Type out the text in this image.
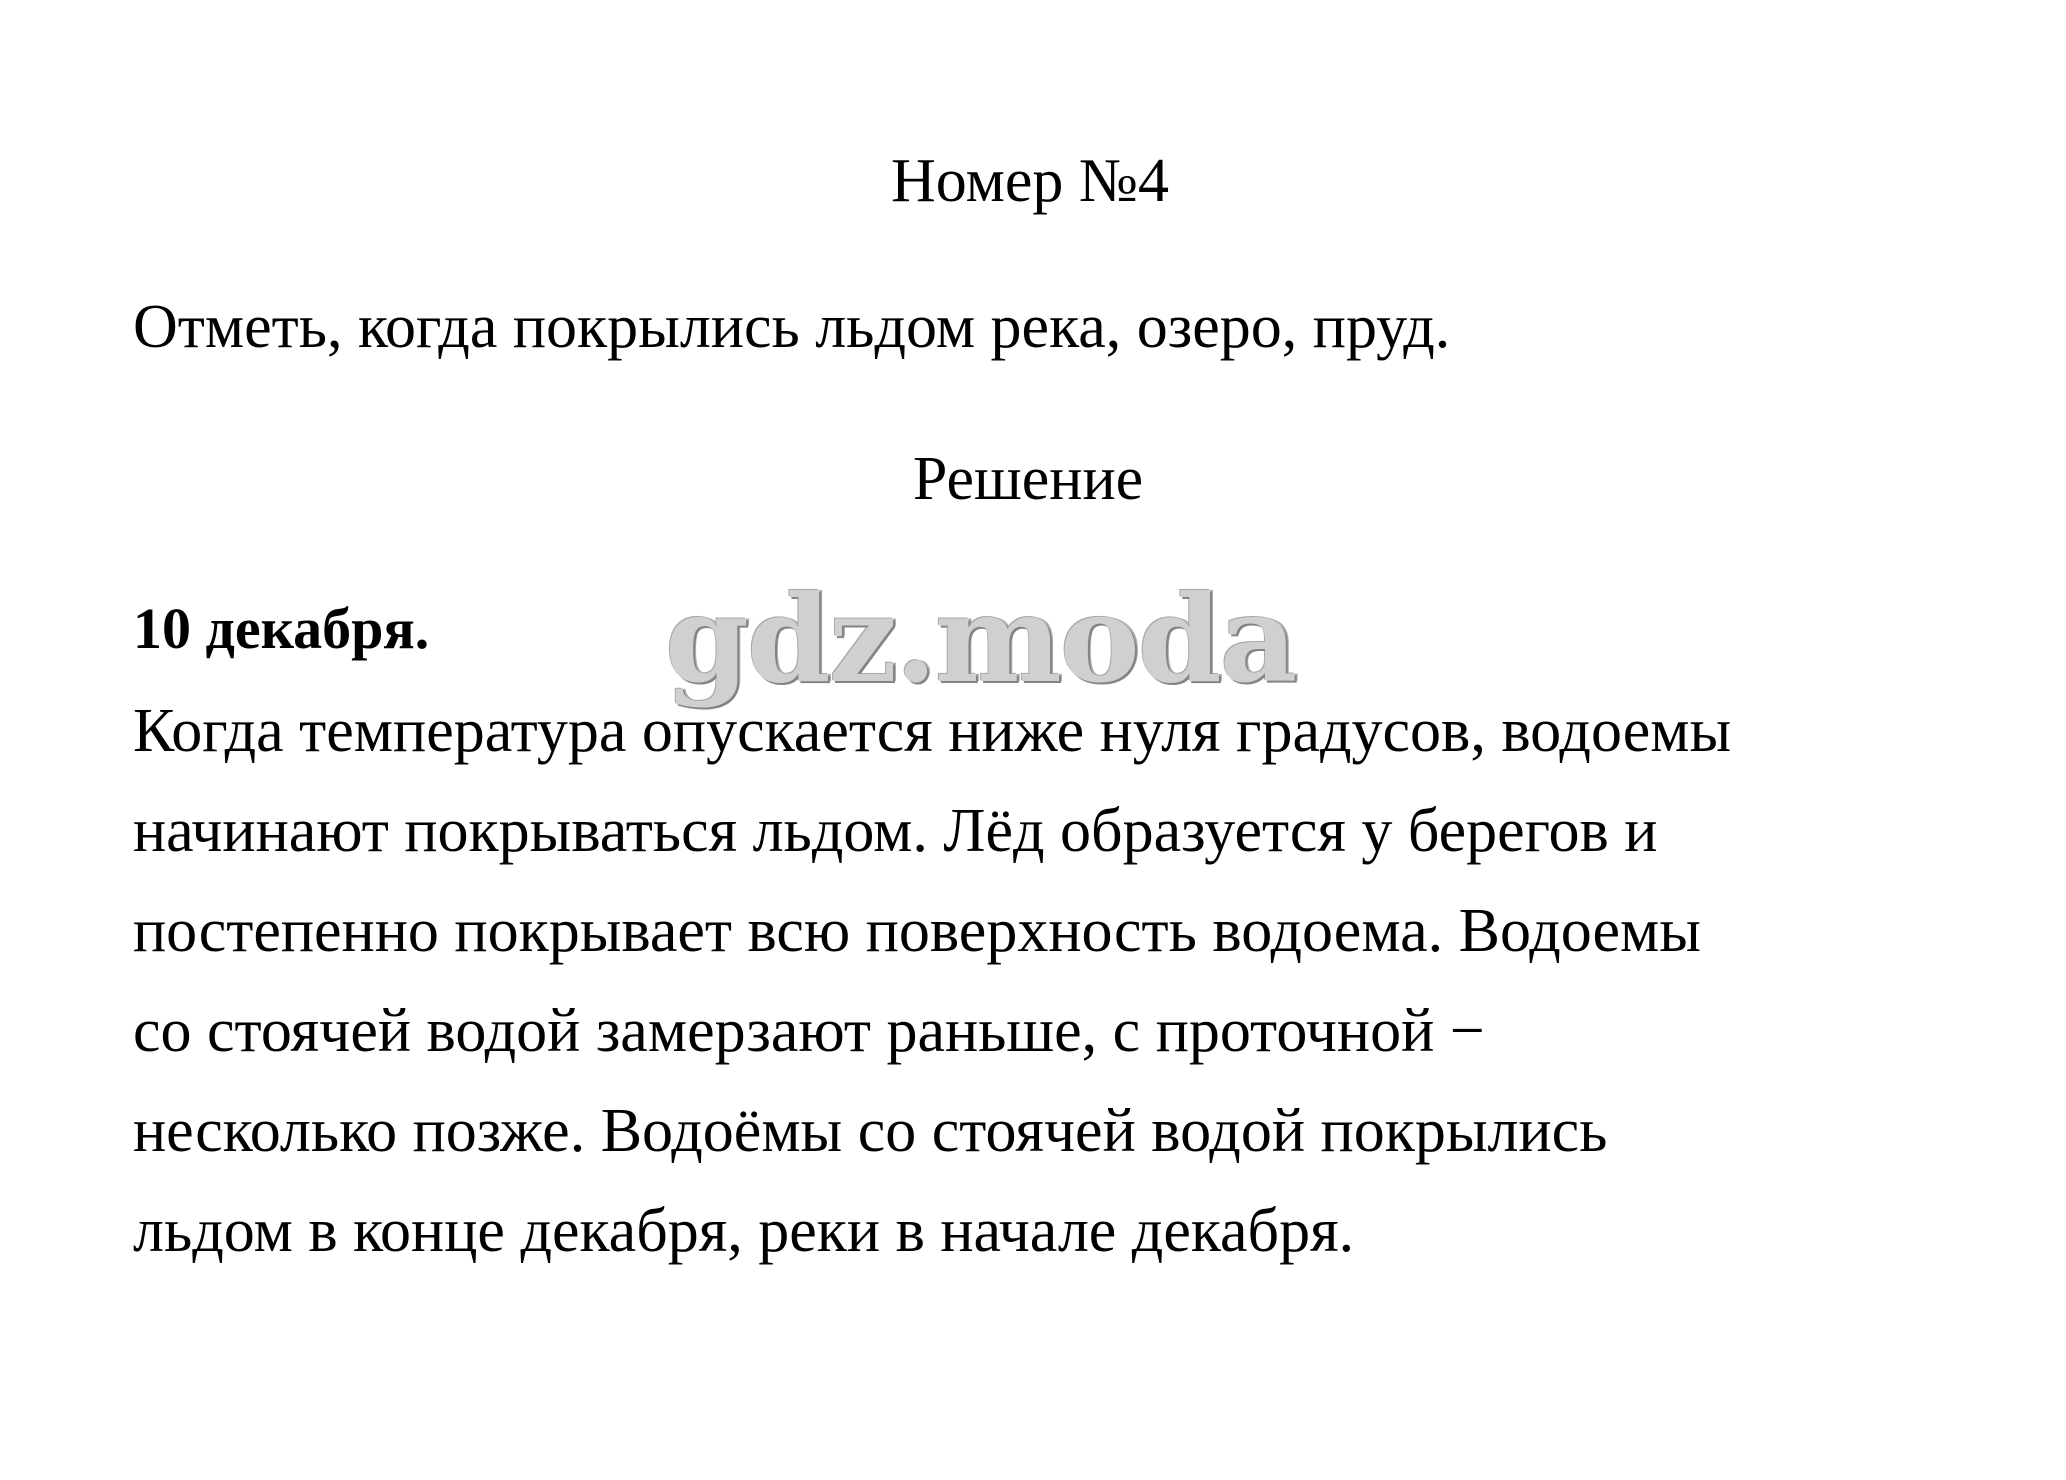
Номер №4

Отметь, когда покрылись льдом река, озеро, пруд.

Решение

10 декабря.

Когда температура опускается ниже нуля градусов, водоемы

начинают покрываться льдом. Лёд образуется у берегов и

постепенно покрывает всю поверхность водоема. Водоемы

со стоячей водой замерзают раньше, с проточной −

несколько позже. Водоёмы со стоячей водой покрылись

льдом в конце декабря, реки в начале декабря.

gdz.moda
